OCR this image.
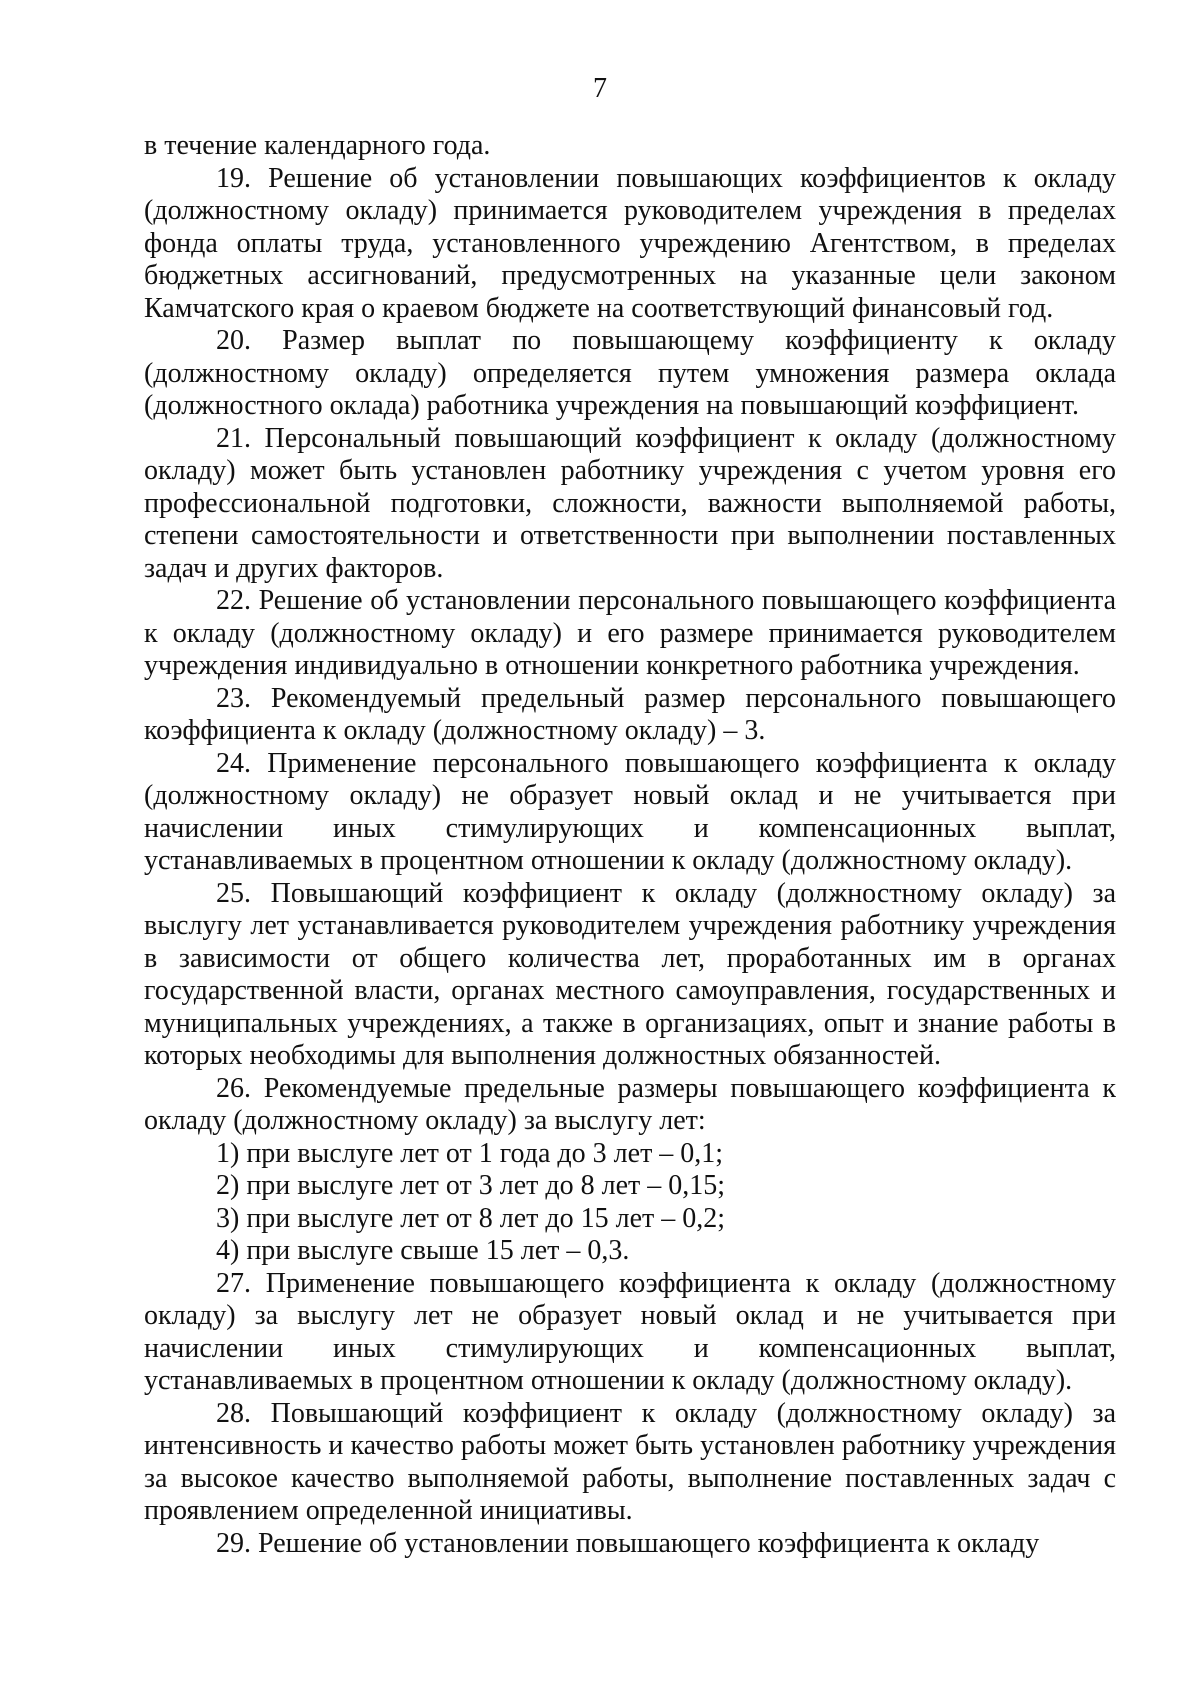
7

в течение календарного года.

19. Решение об установлении повышающих коэффициентов к окладу (должностному окладу) принимается руководителем учреждения в пределах фонда оплаты труда, установленного учреждению Агентством, в пределах бюджетных ассигнований, предусмотренных на указанные цели законом Камчатского края о краевом бюджете на соответствующий финансовый год.

20. Размер выплат по повышающему коэффициенту к окладу (должностному окладу) определяется путем умножения размера оклада (должностного оклада) работника учреждения на повышающий коэффициент.

21. Персональный повышающий коэффициент к окладу (должностному окладу) может быть установлен работнику учреждения с учетом уровня его профессиональной подготовки, сложности, важности выполняемой работы, степени самостоятельности и ответственности при выполнении поставленных задач и других факторов.

22. Решение об установлении персонального повышающего коэффициента к окладу (должностному окладу) и его размере принимается руководителем учреждения индивидуально в отношении конкретного работника учреждения.

23. Рекомендуемый предельный размер персонального повышающего коэффициента к окладу (должностному окладу) – 3.

24. Применение персонального повышающего коэффициента к окладу (должностному окладу) не образует новый оклад и не учитывается при начислении иных стимулирующих и компенсационных выплат, устанавливаемых в процентном отношении к окладу (должностному окладу).

25. Повышающий коэффициент к окладу (должностному окладу) за выслугу лет устанавливается руководителем учреждения работнику учреждения в зависимости от общего количества лет, проработанных им в органах государственной власти, органах местного самоуправления, государственных и муниципальных учреждениях, а также в организациях, опыт и знание работы в которых необходимы для выполнения должностных обязанностей.

26. Рекомендуемые предельные размеры повышающего коэффициента к окладу (должностному окладу) за выслугу лет:

1) при выслуге лет от 1 года до 3 лет – 0,1;

2) при выслуге лет от 3 лет до 8 лет – 0,15;

3) при выслуге лет от 8 лет до 15 лет – 0,2;

4) при выслуге свыше 15 лет – 0,3.

27. Применение повышающего коэффициента к окладу (должностному окладу) за выслугу лет не образует новый оклад и не учитывается при начислении иных стимулирующих и компенсационных выплат, устанавливаемых в процентном отношении к окладу (должностному окладу).

28. Повышающий коэффициент к окладу (должностному окладу) за интенсивность и качество работы может быть установлен работнику учреждения за высокое качество выполняемой работы, выполнение поставленных задач с проявлением определенной инициативы.

29. Решение об установлении повышающего коэффициента к окладу
